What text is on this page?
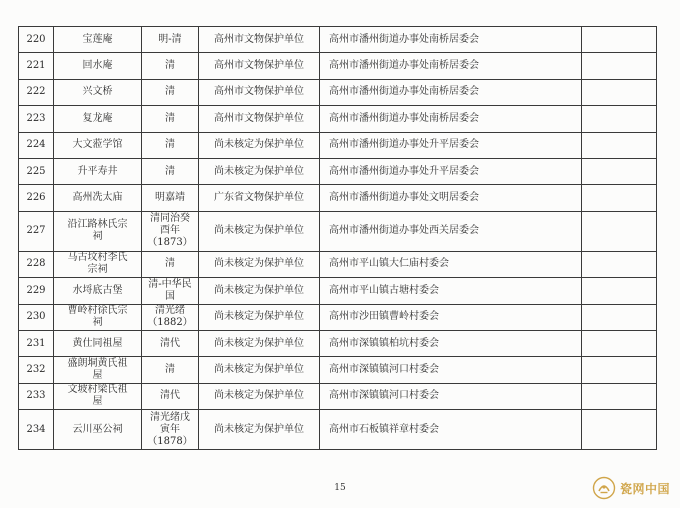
220	宝莲庵	明-清	高州市文物保护单位	高州市潘州街道办事处南桥居委会	
221	回水庵	清	高州市文物保护单位	高州市潘州街道办事处南桥居委会	
222	兴文桥	清	高州市文物保护单位	高州市潘州街道办事处南桥居委会	
223	复龙庵	清	高州市文物保护单位	高州市潘州街道办事处南桥居委会	
224	大文蒞学馆	清	尚未核定为保护单位	高州市潘州街道办事处升平居委会	
225	升平寿井	清	尚未核定为保护单位	高州市潘州街道办事处升平居委会	
226	高州冼太庙	明嘉靖	广东省文物保护单位	高州市潘州街道办事处文明居委会	
227	沿江路林氏宗
祠	清同治癸
酉年
（1873）	尚未核定为保护单位	高州市潘州街道办事处西关居委会	
228	马古坟村李氏
宗祠	清	尚未核定为保护单位	高州市平山镇大仁庙村委会	
229	水埒底古堡	清-中华民
国	尚未核定为保护单位	高州市平山镇古塘村委会	
230	曹岭村徐氏宗
祠	清光绪
（1882）	尚未核定为保护单位	高州市沙田镇曹岭村委会	
231	黄仕同祖屋	清代	尚未核定为保护单位	高州市深镇镇柏坑村委会	
232	盛朗垌黄氏祖
屋	清	尚未核定为保护单位	高州市深镇镇河口村委会	
233	文坡村梁氏祖
屋	清代	尚未核定为保护单位	高州市深镇镇河口村委会	
234	云川巫公祠	清光绪戊
寅年
（1878）	尚未核定为保护单位	高州市石板镇祥章村委会	
15	瓷网中国
